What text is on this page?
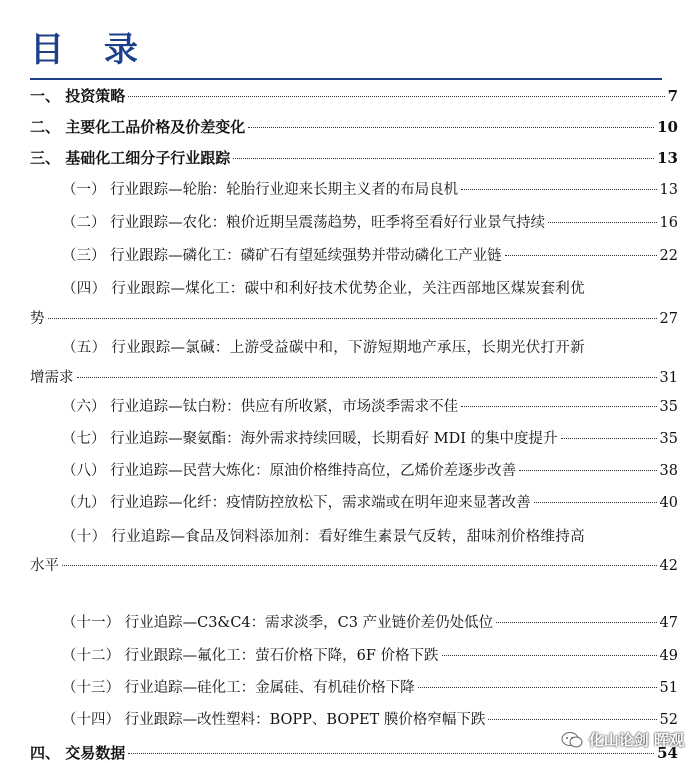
目 录
一、 投资策略	7
二、 主要化工品价格及价差变化	10
三、 基础化工细分子行业跟踪	13
（一） 行业跟踪—轮胎：轮胎行业迎来长期主义者的布局良机	13
（二） 行业跟踪—农化：粮价近期呈震荡趋势，旺季将至看好行业景气持续	16
（三） 行业跟踪—磷化工：磷矿石有望延续强势并带动磷化工产业链	22
（四） 行业跟踪—煤化工：碳中和利好技术优势企业，关注西部地区煤炭套利优
势	27
（五） 行业跟踪—氯碱：上游受益碳中和，下游短期地产承压，长期光伏打开新
增需求	31
（六） 行业追踪—钛白粉：供应有所收紧，市场淡季需求不佳	35
（七） 行业追踪—聚氨酯：海外需求持续回暖，长期看好 MDI 的集中度提升	35
（八） 行业追踪—民营大炼化：原油价格维持高位，乙烯价差逐步改善	38
（九） 行业追踪—化纤：疫情防控放松下，需求端或在明年迎来显著改善	40
（十） 行业追踪—食品及饲料添加剂：看好维生素景气反转，甜味剂价格维持高
水平	42
（十一） 行业追踪—C3&C4：需求淡季，C3 产业链价差仍处低位	47
（十二） 行业跟踪—氟化工：萤石价格下降，6F 价格下跌	49
（十三） 行业追踪—硅化工：金属硅、有机硅价格下降	51
（十四） 行业跟踪—改性塑料：BOPP、BOPET 膜价格窄幅下跌	52
四、 交易数据	54
化山论剑 晖观
